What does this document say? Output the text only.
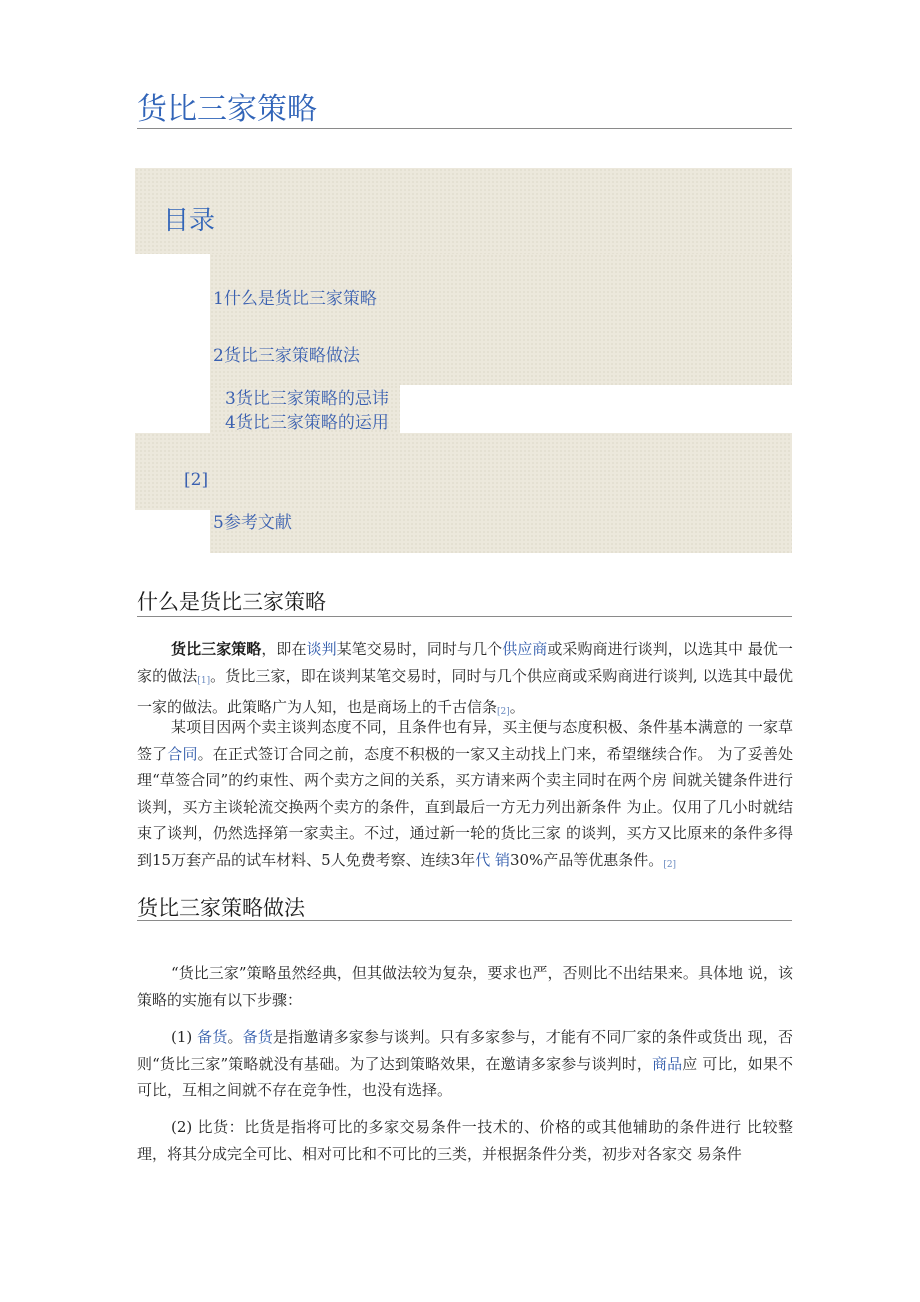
货比三家策略
目录
1什么是货比三家策略
2货比三家策略做法
3货比三家策略的忌讳
4货比三家策略的运用
[2]
5参考文献
什么是货比三家策略
货比三家策略，即在谈判某笔交易时，同时与几个供应商或采购商进行谈判，以选其中 最优一家的做法[1]。货比三家，即在谈判某笔交易时，同时与几个供应商或采购商进行谈判, 以选其中最优一家的做法。此策略广为人知，也是商场上的千古信条[2]。
某项目因两个卖主谈判态度不同，且条件也有异，买主便与态度积极、条件基本满意的 一家草签了合同。在正式签订合同之前，态度不积极的一家又主动找上门来，希望继续合作。 为了妥善处理“草签合同”的约束性、两个卖方之间的关系，买方请来两个卖主同时在两个房 间就关键条件进行谈判，买方主谈轮流交换两个卖方的条件，直到最后一方无力列出新条件 为止。仅用了几小时就结束了谈判，仍然选择第一家卖主。不过，通过新一轮的货比三家 的谈判，买方又比原来的条件多得到15万套产品的试车材料、5人免费考察、连续3年代 销30%产品等优惠条件。[2]
货比三家策略做法
“货比三家”策略虽然经典，但其做法较为复杂，要求也严，否则比不出结果来。具体地 说，该策略的实施有以下步骤：
(1) 备货。备货是指邀请多家参与谈判。只有多家参与，才能有不同厂家的条件或货出 现，否则“货比三家”策略就没有基础。为了达到策略效果，在邀请多家参与谈判时，商品应 可比，如果不可比，互相之间就不存在竞争性，也没有选择。
(2) 比货：比货是指将可比的多家交易条件一技术的、价格的或其他辅助的条件进行 比较整理，将其分成完全可比、相对可比和不可比的三类，并根据条件分类，初步对各家交 易条件
